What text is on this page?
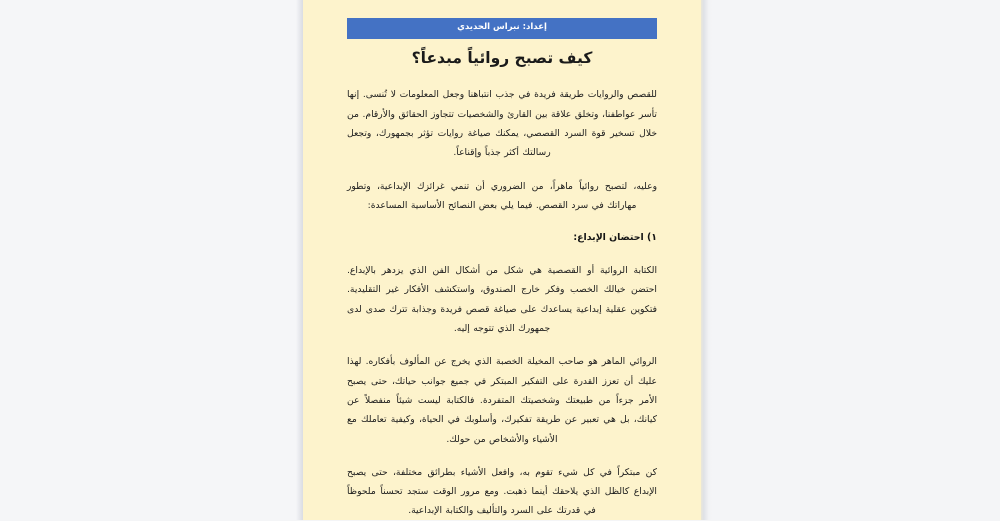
إعداد: نبراس الحديدي
كيف تصبح روائياً مبدعاً؟

للقصص والروايات طريقة فريدة في جذب انتباهنا وجعل المعلومات لا تُنسى. إنها تأسر عواطفنا، وتخلق علاقة بين القارئ والشخصيات تتجاوز الحقائق والأرقام. من خلال تسخير قوة السرد القصصي، يمكنك صياغة روايات تؤثر بجمهورك، وتجعل رسالتك أكثر جذباً وإقناعاً.

وعليه، لتصبح روائياً ماهراً، من الضروري أن تنمي غرائزك الإبداعية، وتطور مهاراتك في سرد القصص. فيما يلي بعض النصائح الأساسية المساعدة:

١) احتضان الإبداع:

الكتابة الروائية أو القصصية هي شكل من أشكال الفن الذي يزدهر بالإبداع. احتضن خيالك الخصب وفكر خارج الصندوق، واستكشف الأفكار غير التقليدية. فتكوين عقلية إبداعية يساعدك على صياغة قصص فريدة وجذابة تترك صدى لدى جمهورك الذي تتوجه إليه.

الروائي الماهر هو صاحب المخيلة الخصبة الذي يخرج عن المألوف بأفكاره. لهذا عليك أن تعزز القدرة على التفكير المبتكر في جميع جوانب حياتك، حتى يصبح الأمر جزءاً من طبيعتك وشخصيتك المتفردة. فالكتابة ليست شيئاً منفصلاً عن كيانك، بل هي تعبير عن طريقة تفكيرك، وأسلوبك في الحياة، وكيفية تعاملك مع الأشياء والأشخاص من حولك.

كن مبتكراً في كل شيء تقوم به، وافعل الأشياء بطرائق مختلفة، حتى يصبح الإبداع كالظل الذي يلاحقك أينما ذهبت. ومع مرور الوقت ستجد تحسناً ملحوظاً في قدرتك على السرد والتأليف والكتابة الإبداعية.
